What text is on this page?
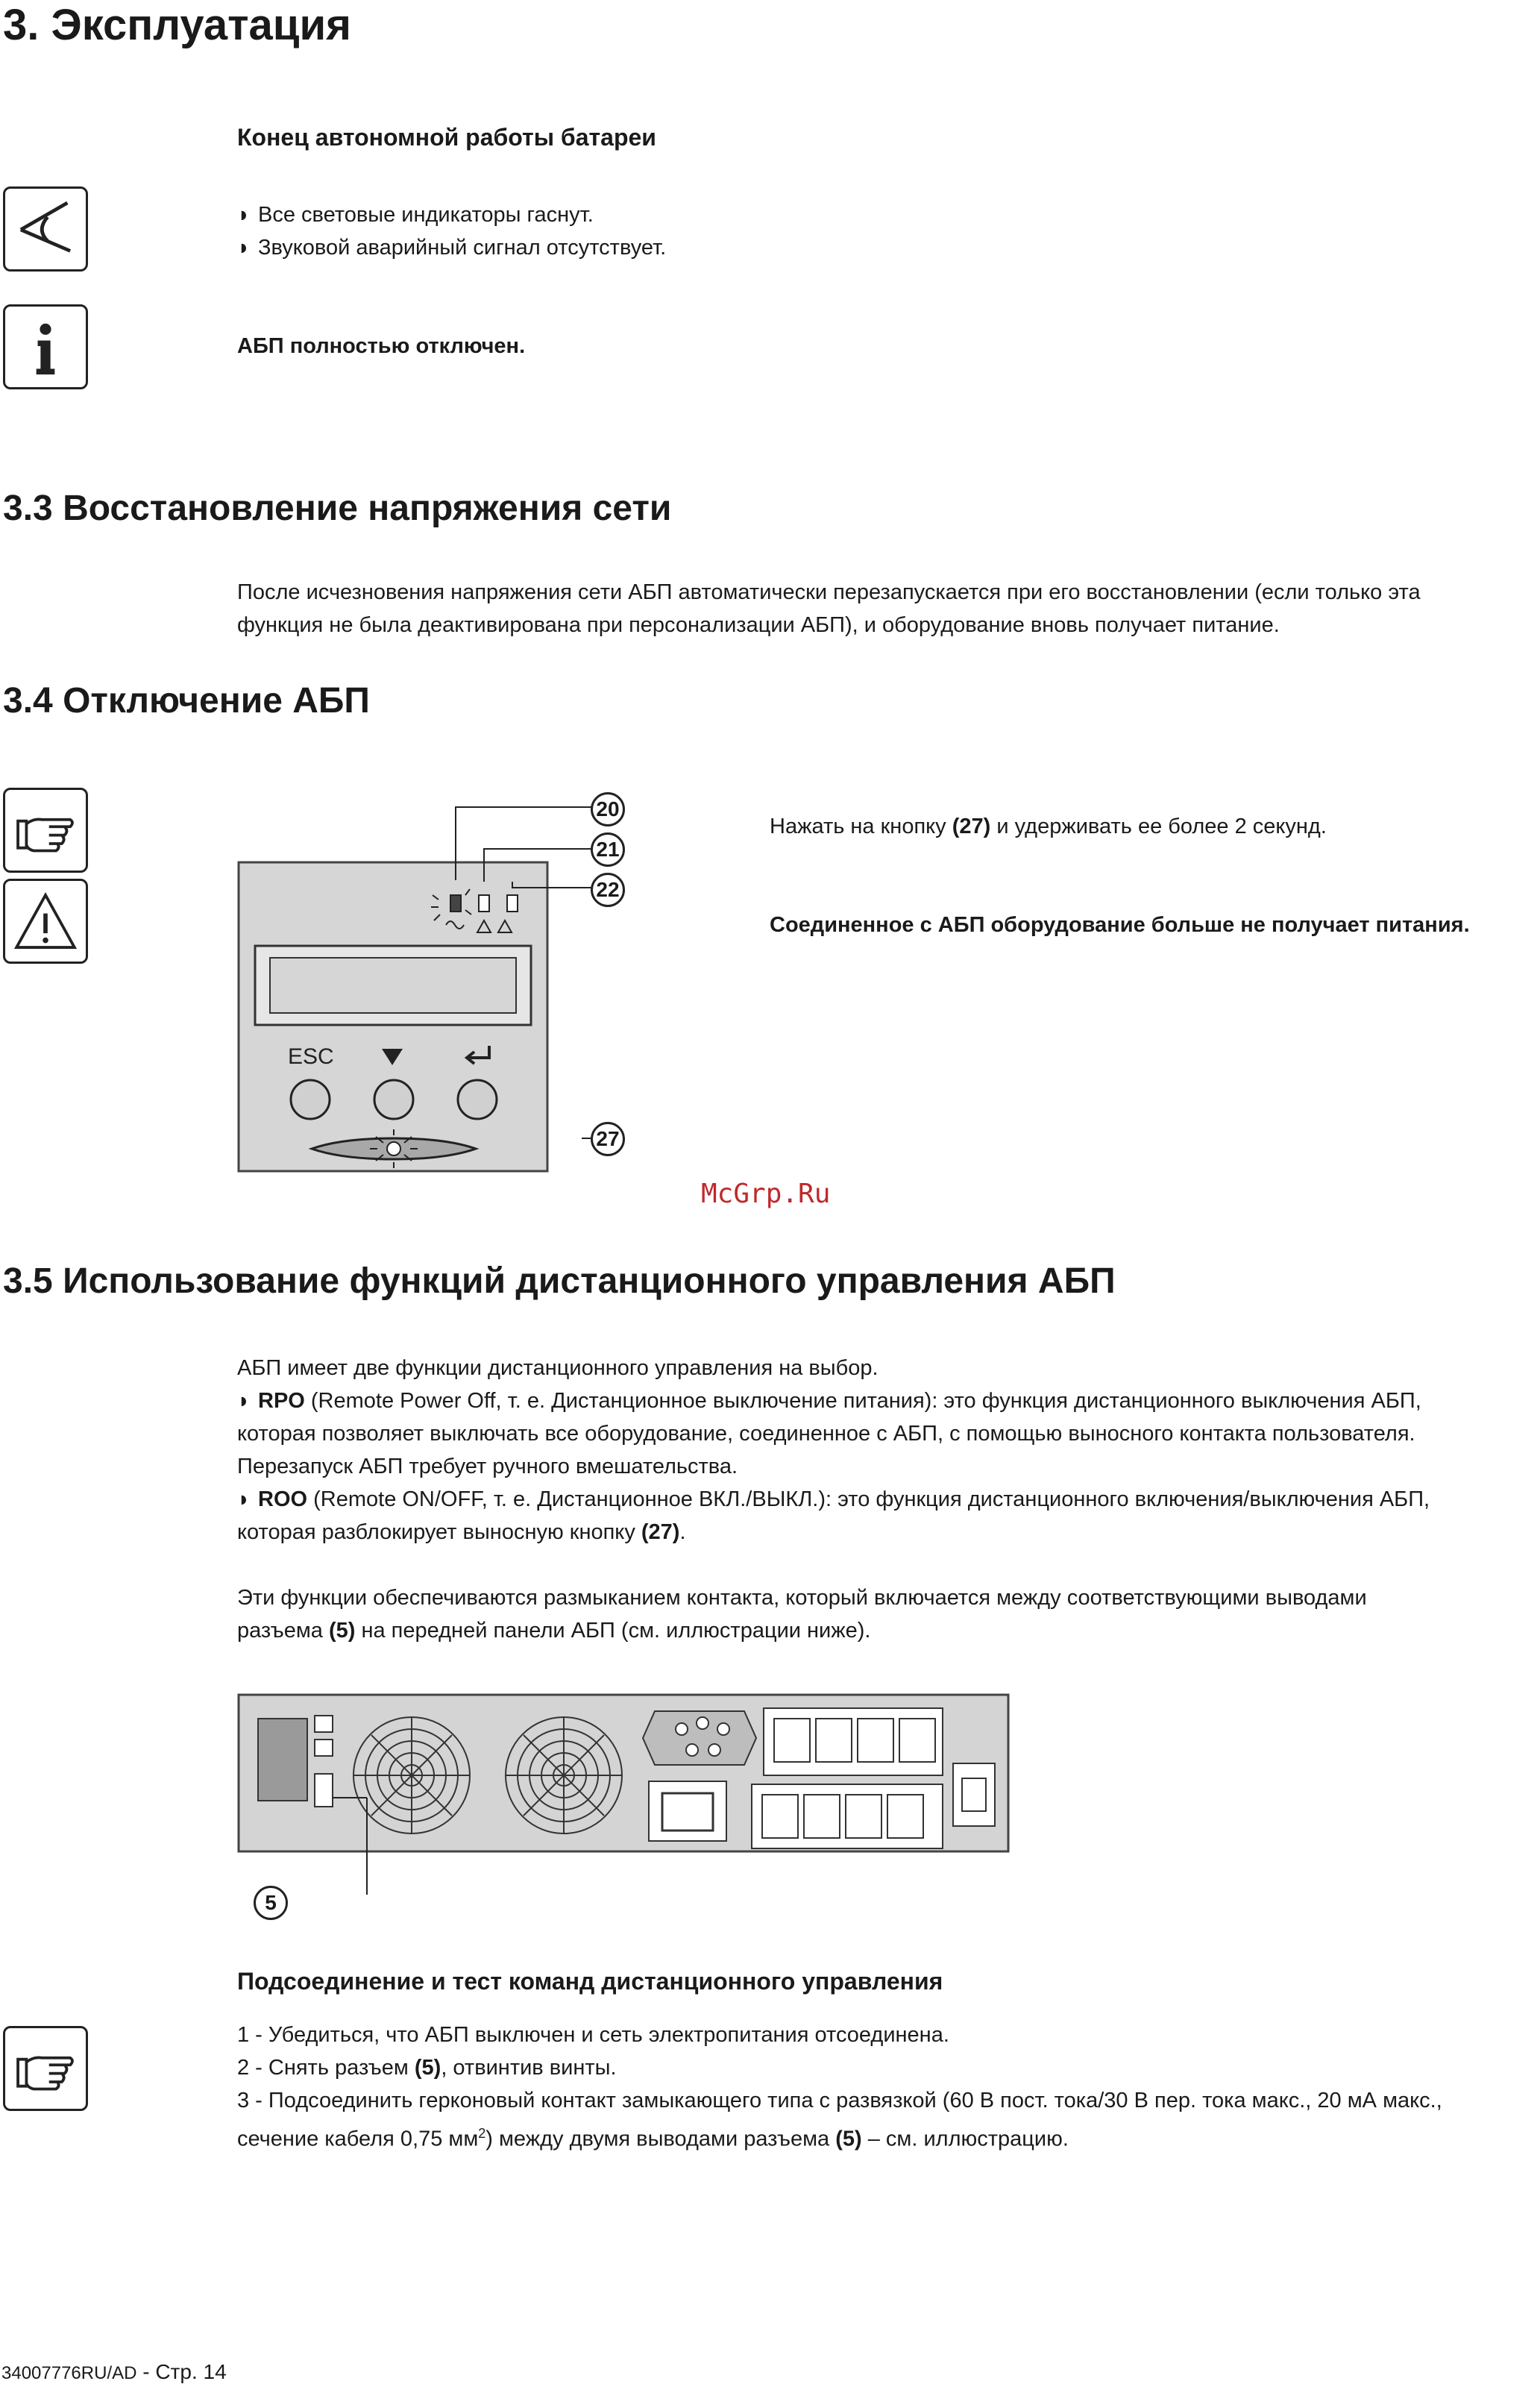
3. Эксплуатация
Конец автономной работы батареи
◗ Все световые индикаторы гаснут.
◗ Звуковой аварийный сигнал отсутствует.
АБП полностью отключен.
3.3 Восстановление напряжения сети
После исчезновения напряжения сети АБП автоматически перезапускается при его восстановлении (если только эта
функция не была деактивирована при персонализации АБП), и оборудование вновь получает питание.
3.4 Отключение АБП
ESC
20
21
22
27
Нажать на кнопку (27) и удерживать ее более 2 секунд.
Соединенное с АБП оборудование больше не получает питания.
McGrp.Ru
3.5 Использование функций дистанционного управления АБП
АБП имеет две функции дистанционного управления на выбор.
◗ RPO (Remote Power Off, т. е. Дистанционное выключение питания): это функция дистанционного выключения АБП,
которая позволяет выключать все оборудование, соединенное с АБП, с помощью выносного контакта пользователя.
Перезапуск АБП требует ручного вмешательства.
◗ ROO (Remote ON/OFF, т. е. Дистанционное ВКЛ./ВЫКЛ.): это функция дистанционного включения/выключения АБП,
которая разблокирует выносную кнопку (27).
Эти функции обеспечиваются размыканием контакта, который включается между соответствующими выводами
разъема (5) на передней панели АБП (см. иллюстрации ниже).
5
Подсоединение и тест команд дистанционного управления
1 - Убедиться, что АБП выключен и сеть электропитания отсоединена.
2 - Снять разъем (5), отвинтив винты.
3 - Подсоединить герконовый контакт замыкающего типа с развязкой (60 В пост. тока/30 В пер. тока макс., 20 мА макс.,
сечение кабеля 0,75 $мм^2$) между двумя выводами разъема (5) – см. иллюстрацию.
34007776RU/AD - Стр. 14
